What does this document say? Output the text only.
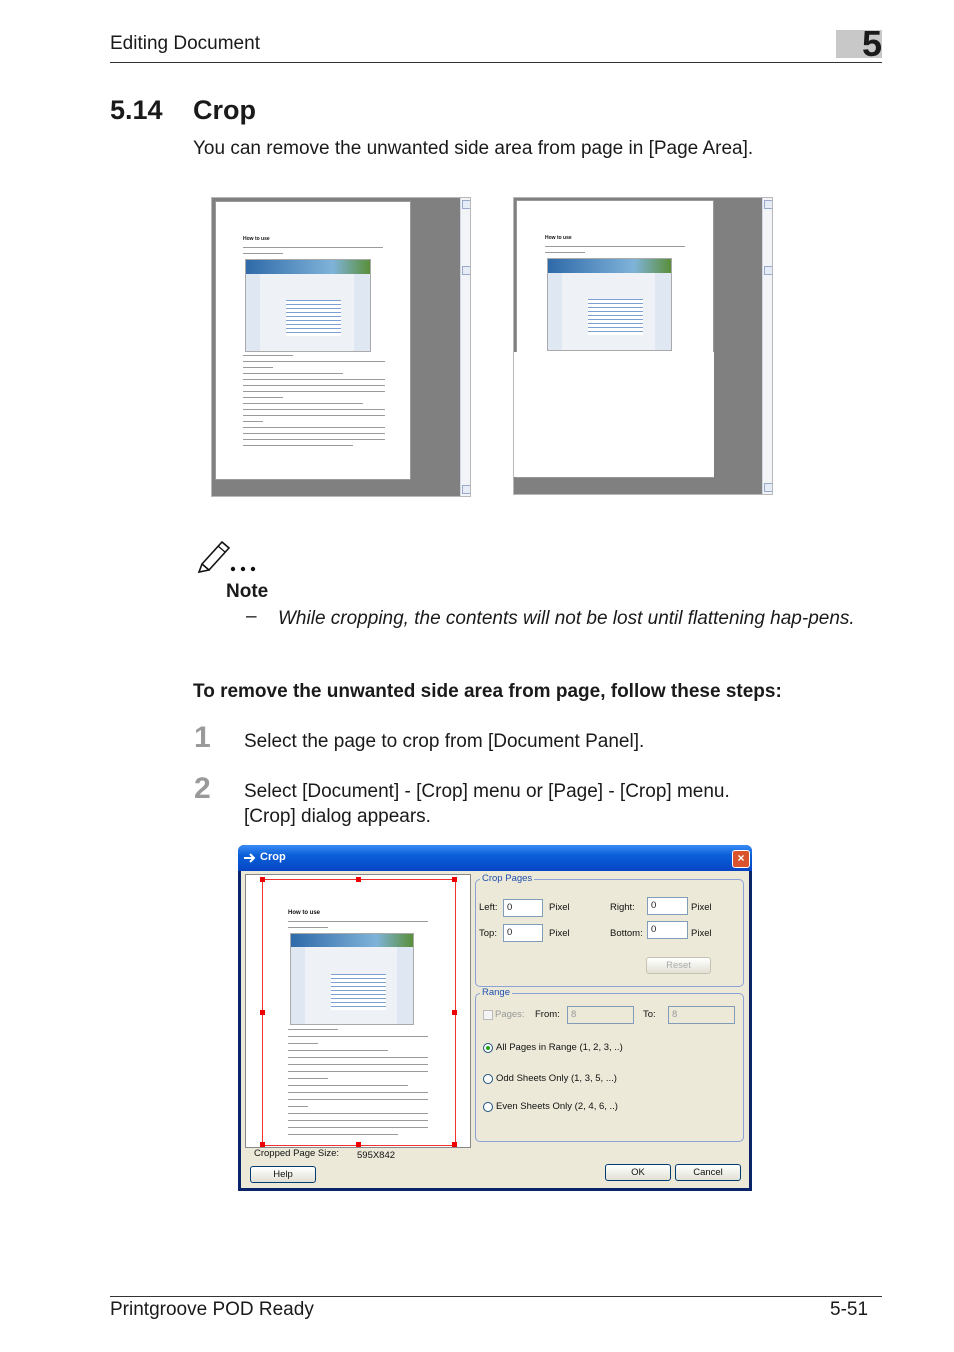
Editing Document	5
5.14 Crop
You can remove the unwanted side area from page in [Page Area].
How to use	How to use
Note
– While cropping, the contents will not be lost until flattening hap-pens.
To remove the unwanted side area from page, follow these steps:
1 Select the page to crop from [Document Panel].
2 Select [Document] - [Crop] menu or [Page] - [Crop] menu.
[Crop] dialog appears.
Crop	×
How to use
Cropped Page Size: 595X842
Crop Pages
Left:	0	Pixel	Right:	0	Pixel
Top:	0	Pixel	Bottom: 0	Pixel
Reset
Range
Pages: From:	8	To:	8
All Pages in Range (1, 2, 3, ..)
Odd Sheets Only (1, 3, 5, ...)
Even Sheets Only (2, 4, 6, ..)
Help	OK	Cancel
Printgroove POD Ready	5-51
